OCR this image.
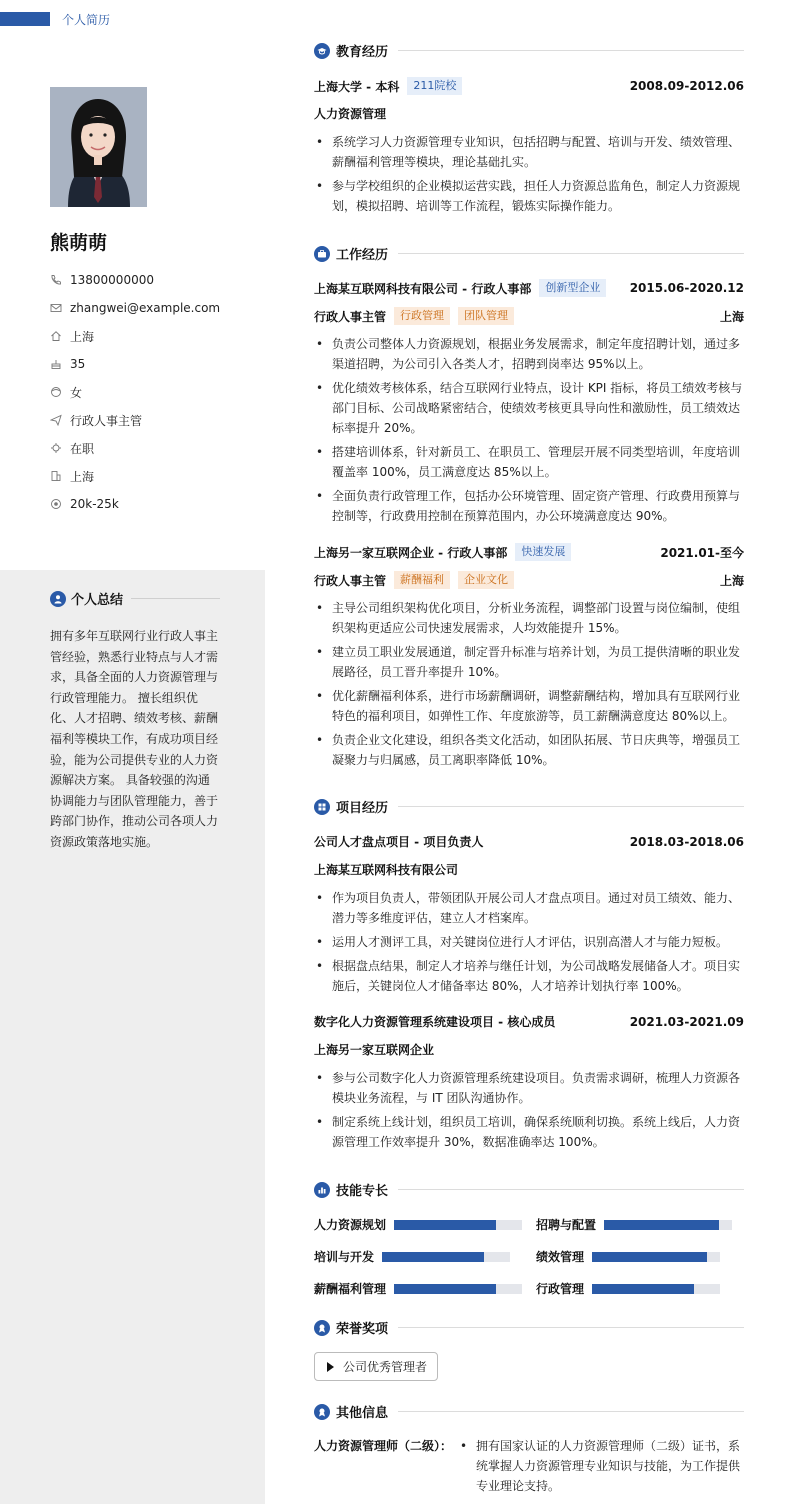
个人简历
熊萌萌
13800000000
zhangwei@example.com
上海
35
女
行政人事主管
在职
上海
20k-25k
个人总结
拥有多年互联网行业行政人事主管经验，熟悉行业特点与人才需求，具备全面的人力资源管理与行政管理能力。 擅长组织优化、人才招聘、绩效考核、薪酬福利等模块工作，有成功项目经验，能为公司提供专业的人力资源解决方案。 具备较强的沟通协调能力与团队管理能力，善于跨部门协作，推动公司各项人力资源政策落地实施。
教育经历
上海大学 - 本科	211院校	2008.09-2012.06
人力资源管理
• 系统学习人力资源管理专业知识，包括招聘与配置、培训与开发、绩效管理、薪酬福利管理等模块，理论基础扎实。
• 参与学校组织的企业模拟运营实践，担任人力资源总监角色，制定人力资源规划，模拟招聘、培训等工作流程，锻炼实际操作能力。
工作经历
上海某互联网科技有限公司 - 行政人事部	创新型企业	2015.06-2020.12
行政人事主管	行政管理	团队管理	上海
• 负责公司整体人力资源规划，根据业务发展需求，制定年度招聘计划，通过多渠道招聘，为公司引入各类人才，招聘到岗率达 95%以上。
• 优化绩效考核体系，结合互联网行业特点，设计 KPI 指标，将员工绩效考核与部门目标、公司战略紧密结合，使绩效考核更具导向性和激励性，员工绩效达标率提升 20%。
• 搭建培训体系，针对新员工、在职员工、管理层开展不同类型培训，年度培训覆盖率 100%，员工满意度达 85%以上。
• 全面负责行政管理工作，包括办公环境管理、固定资产管理、行政费用预算与控制等，行政费用控制在预算范围内，办公环境满意度达 90%。
上海另一家互联网企业 - 行政人事部	快速发展	2021.01-至今
行政人事主管	薪酬福利	企业文化	上海
• 主导公司组织架构优化项目，分析业务流程，调整部门设置与岗位编制，使组织架构更适应公司快速发展需求，人均效能提升 15%。
• 建立员工职业发展通道，制定晋升标准与培养计划，为员工提供清晰的职业发展路径，员工晋升率提升 10%。
• 优化薪酬福利体系，进行市场薪酬调研，调整薪酬结构，增加具有互联网行业特色的福利项目，如弹性工作、年度旅游等，员工薪酬满意度达 80%以上。
• 负责企业文化建设，组织各类文化活动，如团队拓展、节日庆典等，增强员工凝聚力与归属感，员工离职率降低 10%。
项目经历
公司人才盘点项目 - 项目负责人	2018.03-2018.06
上海某互联网科技有限公司
• 作为项目负责人，带领团队开展公司人才盘点项目。通过对员工绩效、能力、潜力等多维度评估，建立人才档案库。
• 运用人才测评工具，对关键岗位进行人才评估，识别高潜人才与能力短板。
• 根据盘点结果，制定人才培养与继任计划，为公司战略发展储备人才。项目实施后，关键岗位人才储备率达 80%，人才培养计划执行率 100%。
数字化人力资源管理系统建设项目 - 核心成员	2021.03-2021.09
上海另一家互联网企业
• 参与公司数字化人力资源管理系统建设项目。负责需求调研，梳理人力资源各模块业务流程，与 IT 团队沟通协作。
• 制定系统上线计划，组织员工培训，确保系统顺利切换。系统上线后，人力资源管理工作效率提升 30%，数据准确率达 100%。
技能专长
人力资源规划	招聘与配置
培训与开发	绩效管理
薪酬福利管理	行政管理
荣誉奖项
公司优秀管理者
其他信息
人力资源管理师（二级）：
•	拥有国家认证的人力资源管理师（二级）证书，系统掌握人力资源管理专业知识与技能，为工作提供专业理论支持。
